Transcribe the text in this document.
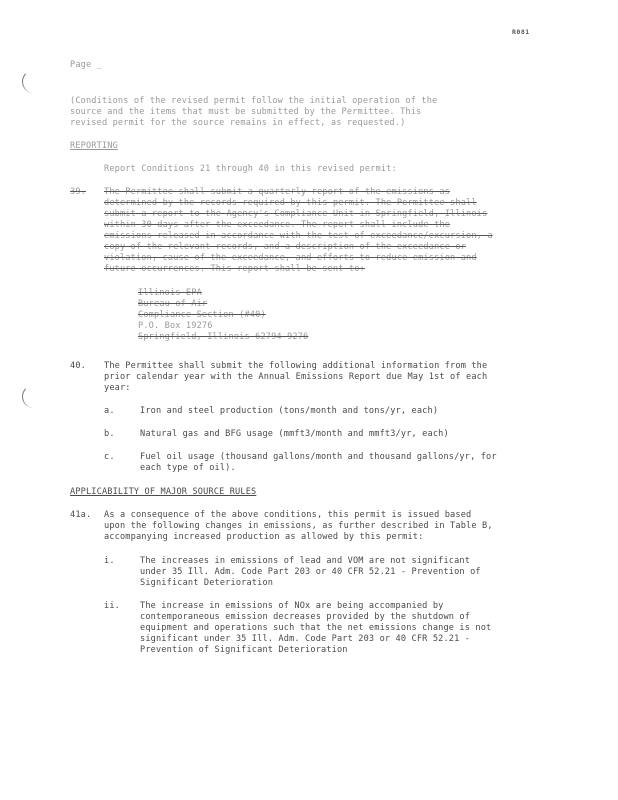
R081
Page _
(Conditions of the revised permit follow the initial operation of the
source and the items that must be submitted by the Permittee. This
revised permit for the source remains in effect, as requested.)
REPORTING
Report Conditions 21 through 40 in this revised permit:
39. The Permittee shall submit a quarterly report of the emissions as
determined by the records required by this permit. The Permittee shall
submit a report to the Agency's Compliance Unit in Springfield, Illinois
within 30 days after the exceedance. The report shall include the
emissions released in accordance with the test of exceedance/excursion, a
copy of the relevant records, and a description of the exceedance or
violation, cause of the exceedance, and efforts to reduce emission and
future occurrences. This report shall be sent to:
Illinois EPA
Bureau of Air
Compliance Section (#40)
P.O. Box 19276
Springfield, Illinois 62794-9276
40. The Permittee shall submit the following additional information from the
prior calendar year with the Annual Emissions Report due May 1st of each
year:
a.	Iron and steel production (tons/month and tons/yr, each)
b.	Natural gas and BFG usage (mmft3/month and mmft3/yr, each)
c.	Fuel oil usage (thousand gallons/month and thousand gallons/yr, for
each type of oil).
APPLICABILITY OF MAJOR SOURCE RULES
41a. As a consequence of the above conditions, this permit is issued based
upon the following changes in emissions, as further described in Table B,
accompanying increased production as allowed by this permit:
i.	The increases in emissions of lead and VOM are not significant
under 35 Ill. Adm. Code Part 203 or 40 CFR 52.21 - Prevention of
Significant Deterioration
ii. The increase in emissions of NOx are being accompanied by
contemporaneous emission decreases provided by the shutdown of
equipment and operations such that the net emissions change is not
significant under 35 Ill. Adm. Code Part 203 or 40 CFR 52.21 -
Prevention of Significant Deterioration
